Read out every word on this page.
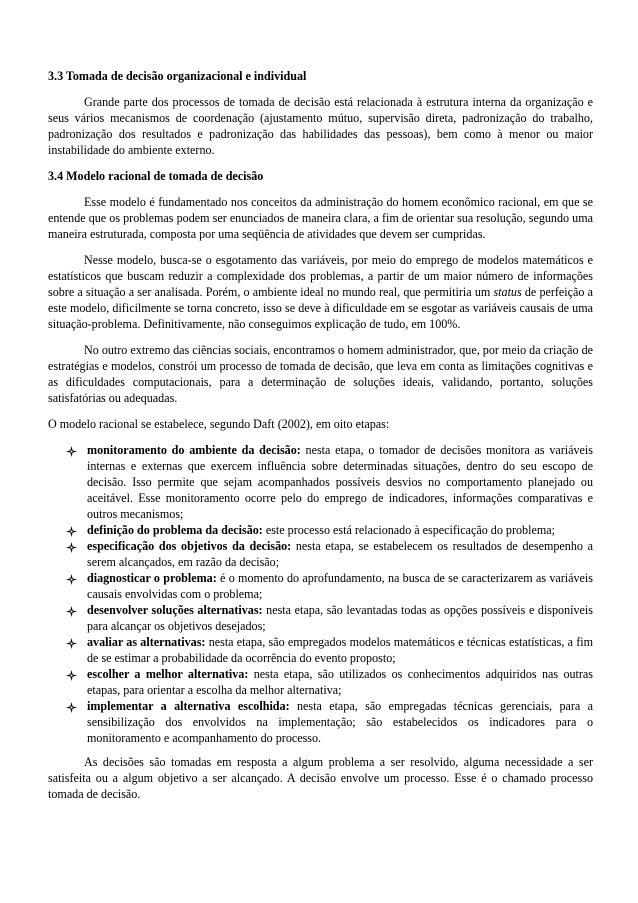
3.3 Tomada de decisão organizacional e individual

Grande parte dos processos de tomada de decisão está relacionada à estrutura interna da organização e seus vários mecanismos de coordenação (ajustamento mútuo, supervisão direta, padronização do trabalho, padronização dos resultados e padronização das habilidades das pessoas), bem como à menor ou maior instabilidade do ambiente externo.

3.4 Modelo racional de tomada de decisão

Esse modelo é fundamentado nos conceitos da administração do homem econômico racional, em que se entende que os problemas podem ser enunciados de maneira clara, a fim de orientar sua resolução, segundo uma maneira estruturada, composta por uma seqüência de atividades que devem ser cumpridas.

Nesse modelo, busca-se o esgotamento das variáveis, por meio do emprego de modelos matemáticos e estatísticos que buscam reduzir a complexidade dos problemas, a partir de um maior número de informações sobre a situação a ser analisada. Porém, o ambiente ideal no mundo real, que permitiria um status de perfeição a este modelo, dificilmente se torna concreto, isso se deve à dificuldade em se esgotar as variáveis causais de uma situação-problema. Definitivamente, não conseguimos explicação de tudo, em 100%.

No outro extremo das ciências sociais, encontramos o homem administrador, que, por meio da criação de estratégias e modelos, constrói um processo de tomada de decisão, que leva em conta as limitações cognitivas e as dificuldades computacionais, para a determinação de soluções ideais, validando, portanto, soluções satisfatórias ou adequadas.

O modelo racional se estabelece, segundo Daft (2002), em oito etapas:

monitoramento do ambiente da decisão: nesta etapa, o tomador de decisões monitora as variáveis internas e externas que exercem influência sobre determinadas situações, dentro do seu escopo de decisão. Isso permite que sejam acompanhados possíveis desvios no comportamento planejado ou aceitável. Esse monitoramento ocorre pelo do emprego de indicadores, informações comparativas e outros mecanismos;
definição do problema da decisão: este processo está relacionado à especificação do problema;
especificação dos objetivos da decisão: nesta etapa, se estabelecem os resultados de desempenho a serem alcançados, em razão da decisão;
diagnosticar o problema: é o momento do aprofundamento, na busca de se caracterizarem as variáveis causais envolvidas com o problema;
desenvolver soluções alternativas: nesta etapa, são levantadas todas as opções possíveis e disponíveis para alcançar os objetivos desejados;
avaliar as alternativas: nesta etapa, são empregados modelos matemáticos e técnicas estatísticas, a fim de se estimar a probabilidade da ocorrência do evento proposto;
escolher a melhor alternativa: nesta etapa, são utilizados os conhecimentos adquiridos nas outras etapas, para orientar a escolha da melhor alternativa;
implementar a alternativa escolhida: nesta etapa, são empregadas técnicas gerenciais, para a sensibilização dos envolvidos na implementação; são estabelecidos os indicadores para o monitoramento e acompanhamento do processo.

As decisões são tomadas em resposta a algum problema a ser resolvido, alguma necessidade a ser satisfeita ou a algum objetivo a ser alcançado. A decisão envolve um processo. Esse é o chamado processo tomada de decisão.
